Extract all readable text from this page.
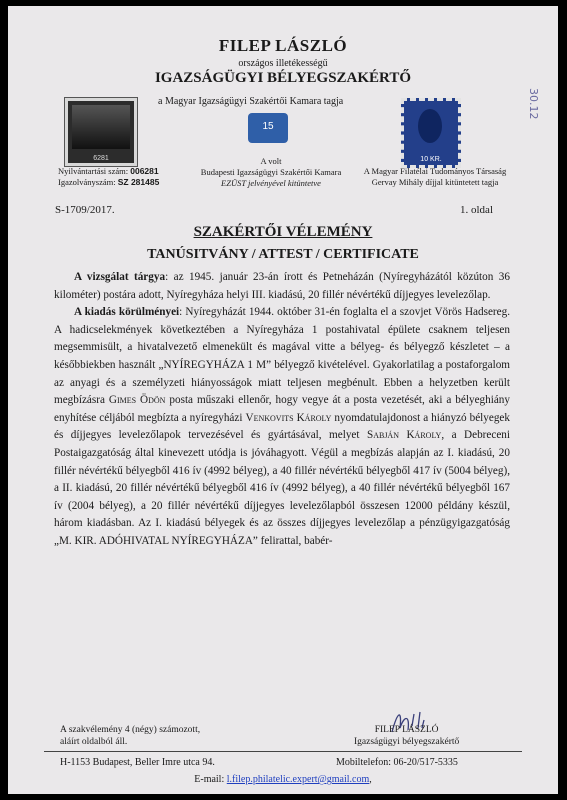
FILEP LÁSZLÓ
országos illetékességű
IGAZSÁGÜGYI BÉLYEGSZAKÉRTŐ
a Magyar Igazságügyi Szakértői Kamara tagja
6281
15
10 KR.
Nyilvántartási szám: 006281
Igazolványszám: SZ 281485
A volt
Budapesti Igazságügyi Szakértői Kamara
EZÜST jelvényével kitüntetve
A Magyar Filatélai Tudományos Társaság
Gervay Mihály díjjal kitüntetett tagja
30.12
S-1709/2017.	1. oldal
SZAKÉRTŐI VÉLEMÉNY
TANÚSITVÁNY / ATTEST / CERTIFICATE

A vizsgálat tárgya: az 1945. január 23-án írott és Petneházán (Nyíregyházától közúton 36 kilométer) postára adott, Nyíregyháza helyi III. kiadású, 20 fillér névértékű díjjegyes levelezőlap.

A kiadás körülményei: Nyíregyházát 1944. október 31-én foglalta el a szovjet Vörös Hadsereg. A hadicselekmények következtében a Nyíregyháza 1 postahivatal épülete csaknem teljesen megsemmisült, a hivatalvezető elmenekült és magával vitte a bélyeg- és bélyegző készletet – a későbbiekben használt „NYÍREGYHÁZA 1 M” bélyegző kivételével. Gyakorlatilag a postaforgalom az anyagi és a személyzeti hiányosságok miatt teljesen megbénult. Ebben a helyzetben került megbízásra Gimes Ödön posta műszaki ellenőr, hogy vegye át a posta vezetését, aki a bélyeghiány enyhítése céljából megbízta a nyíregyházi Venkovits Károly nyomdatulajdonost a hiányzó bélyegek és díjjegyes levelezőlapok tervezésével és gyártásával, melyet Sabján Károly, a Debreceni Postaigazgatóság által kinevezett utódja is jóváhagyott. Végül a megbízás alapján az I. kiadású, 20 fillér névértékű bélyegből 416 ív (4992 bélyeg), a 40 fillér névértékű bélyegből 417 ív (5004 bélyeg), a II. kiadású, 20 fillér névértékű bélyegből 416 ív (4992 bélyeg), a 40 fillér névértékű bélyegből 167 ív (2004 bélyeg), a 20 fillér névértékű díjjegyes levelezőlapból összesen 12000 példány készül, három kiadásban. Az I. kiadású bélyegek és az összes díjjegyes levelezőlap a pénzügyigazgatóság „M. KIR. ADÓHIVATAL NYÍREGYHÁZA” felirattal, babér-

A szakvélemény 4 (négy) számozott,
aláírt oldalból áll.
FILEP LÁSZLÓ
Igazságügyi bélyegszakértő
H-1153 Budapest, Beller Imre utca 94.	Mobiltelefon: 06-20/517-5335
E-mail: l.filep.philatelic.expert@gmail.com,
